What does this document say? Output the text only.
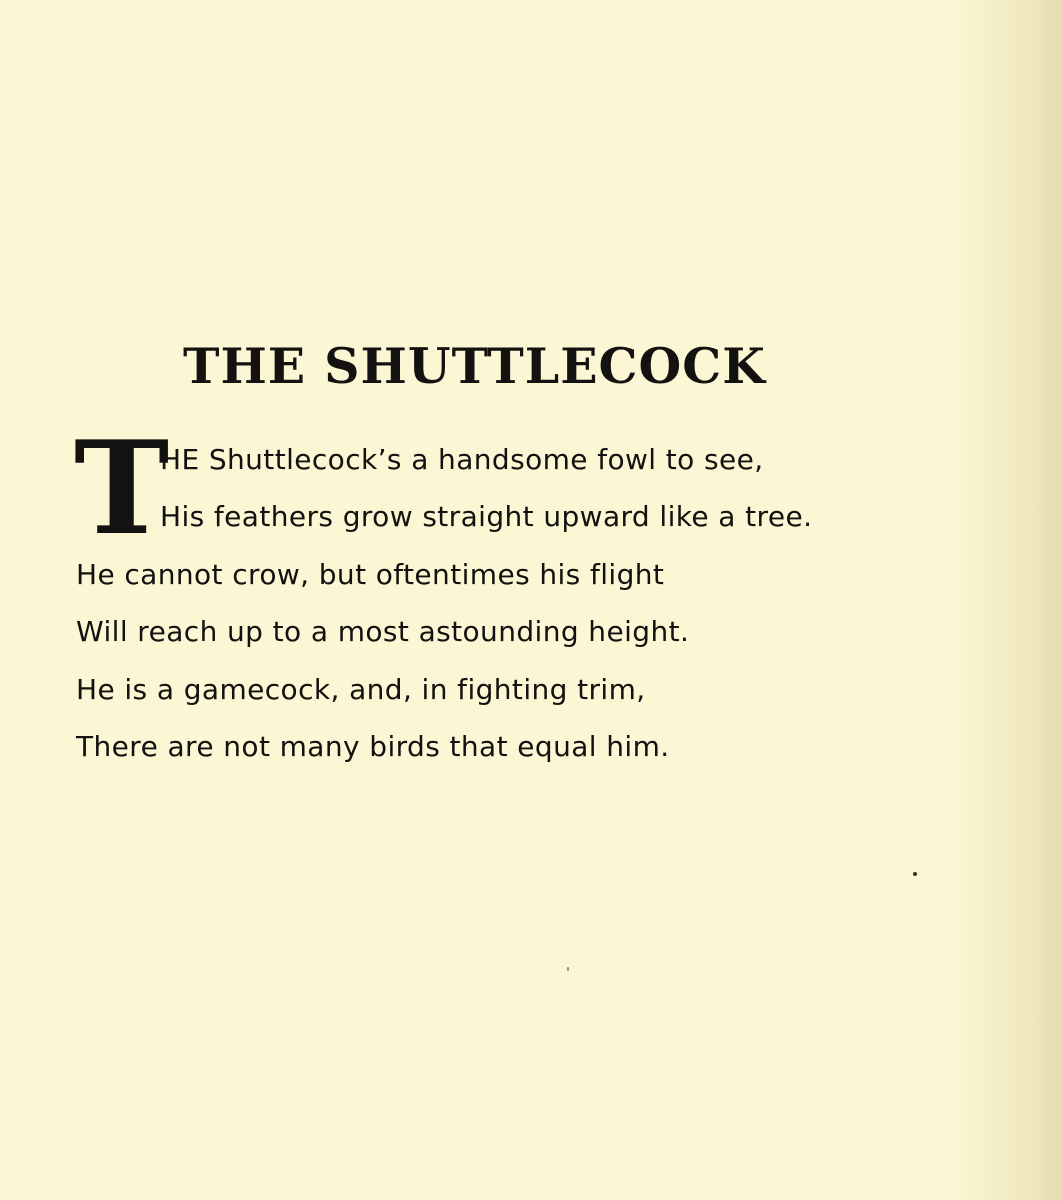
THE SHUTTLECOCK
T
HE Shuttlecock’s a handsome fowl to see,
His feathers grow straight upward like a tree.
He cannot crow, but oftentimes his flight
Will reach up to a most astounding height.
He is a gamecock, and, in fighting trim,
There are not many birds that equal him.
